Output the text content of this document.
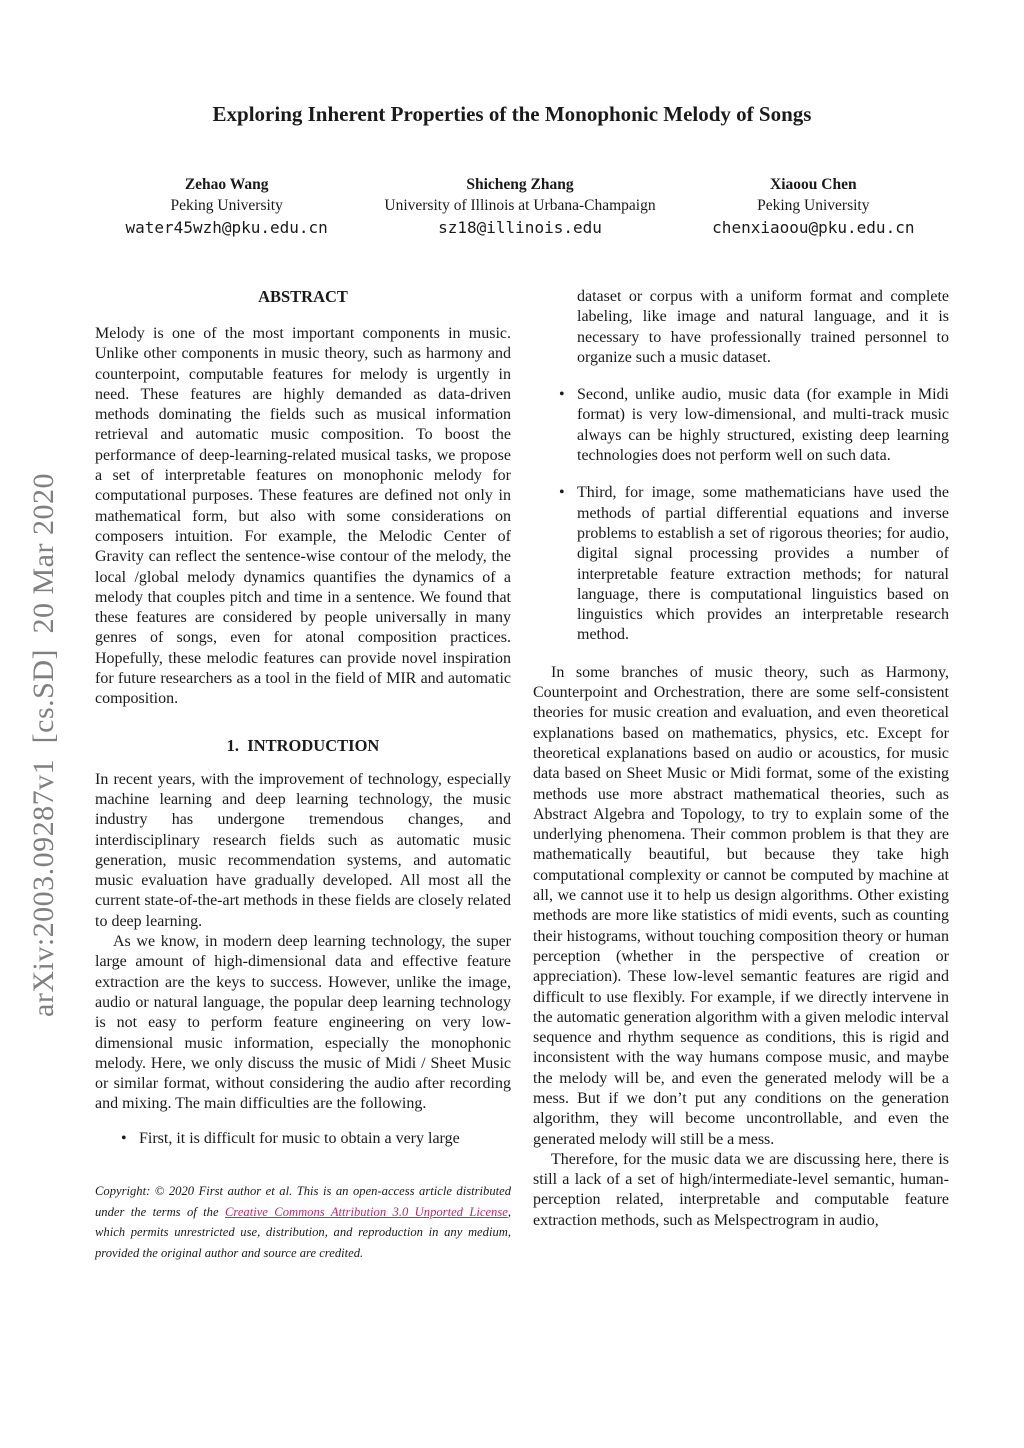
arXiv:2003.09287v1 [cs.SD] 20 Mar 2020
Exploring Inherent Properties of the Monophonic Melody of Songs
Zehao Wang
Peking University
water45wzh@pku.edu.cn
Shicheng Zhang
University of Illinois at Urbana-Champaign
sz18@illinois.edu
Xiaoou Chen
Peking University
chenxiaoou@pku.edu.cn
ABSTRACT

Melody is one of the most important components in music. Unlike other components in music theory, such as harmony and counterpoint, computable features for melody is urgently in need. These features are highly demanded as data-driven methods dominating the fields such as musical information retrieval and automatic music composition. To boost the performance of deep-learning-related musical tasks, we propose a set of interpretable features on monophonic melody for computational purposes. These features are defined not only in mathematical form, but also with some considerations on composers intuition. For example, the Melodic Center of Gravity can reflect the sentence-wise contour of the melody, the local /global melody dynamics quantifies the dynamics of a melody that couples pitch and time in a sentence. We found that these features are considered by people universally in many genres of songs, even for atonal composition practices. Hopefully, these melodic features can provide novel inspiration for future researchers as a tool in the field of MIR and automatic composition.

1. INTRODUCTION

In recent years, with the improvement of technology, especially machine learning and deep learning technology, the music industry has undergone tremendous changes, and interdisciplinary research fields such as automatic music generation, music recommendation systems, and automatic music evaluation have gradually developed. All most all the current state-of-the-art methods in these fields are closely related to deep learning.

As we know, in modern deep learning technology, the super large amount of high-dimensional data and effective feature extraction are the keys to success. However, unlike the image, audio or natural language, the popular deep learning technology is not easy to perform feature engineering on very low-dimensional music information, especially the monophonic melody. Here, we only discuss the music of Midi / Sheet Music or similar format, without considering the audio after recording and mixing. The main difficulties are the following.

• First, it is difficult for music to obtain a very large
Copyright: © 2020 First author et al. This is an open-access article distributed under the terms of the Creative Commons Attribution 3.0 Unported License, which permits unrestricted use, distribution, and reproduction in any medium, provided the original author and source are credited.
dataset or corpus with a uniform format and complete labeling, like image and natural language, and it is necessary to have professionally trained personnel to organize such a music dataset.
• Second, unlike audio, music data (for example in Midi format) is very low-dimensional, and multi-track music always can be highly structured, existing deep learning technologies does not perform well on such data.
• Third, for image, some mathematicians have used the methods of partial differential equations and inverse problems to establish a set of rigorous theories; for audio, digital signal processing provides a number of interpretable feature extraction methods; for natural language, there is computational linguistics based on linguistics which provides an interpretable research method.

In some branches of music theory, such as Harmony, Counterpoint and Orchestration, there are some self-consistent theories for music creation and evaluation, and even theoretical explanations based on mathematics, physics, etc. Except for theoretical explanations based on audio or acoustics, for music data based on Sheet Music or Midi format, some of the existing methods use more abstract mathematical theories, such as Abstract Algebra and Topology, to try to explain some of the underlying phenomena. Their common problem is that they are mathematically beautiful, but because they take high computational complexity or cannot be computed by machine at all, we cannot use it to help us design algorithms. Other existing methods are more like statistics of midi events, such as counting their histograms, without touching composition theory or human perception (whether in the perspective of creation or appreciation). These low-level semantic features are rigid and difficult to use flexibly. For example, if we directly intervene in the automatic generation algorithm with a given melodic interval sequence and rhythm sequence as conditions, this is rigid and inconsistent with the way humans compose music, and maybe the melody will be, and even the generated melody will be a mess. But if we don’t put any conditions on the generation algorithm, they will become uncontrollable, and even the generated melody will still be a mess.

Therefore, for the music data we are discussing here, there is still a lack of a set of high/intermediate-level semantic, human-perception related, interpretable and computable feature extraction methods, such as Melspectrogram in audio,
